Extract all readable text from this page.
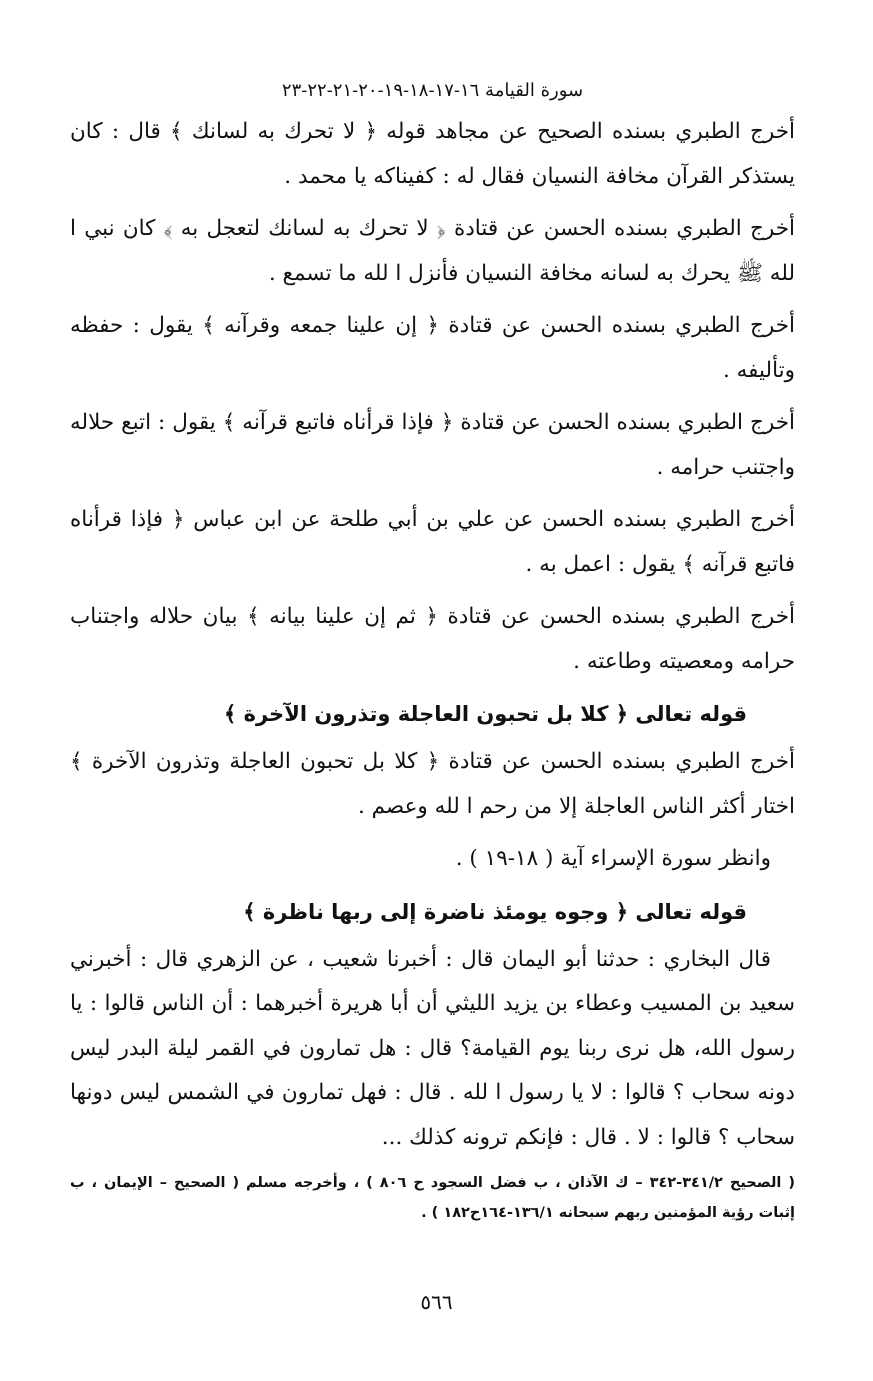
سورة القيامة ١٦-١٧-١٨-١٩-٢٠-٢١-٢٢-٢٣

أخرج الطبري بسنده الصحيح عن مجاهد قوله ﴿ لا تحرك به لسانك ﴾ قال : كان يستذكر القرآن مخافة النسيان فقال له : كفيناكه يا محمد .

أخرج الطبري بسنده الحسن عن قتادة ﴿ لا تحرك به لسانك لتعجل به ﴾ كان نبي ا لله ﷺ يحرك به لسانه مخافة النسيان فأنزل ا لله ما تسمع .

أخرج الطبري بسنده الحسن عن قتادة ﴿ إن علينا جمعه وقرآنه ﴾ يقول : حفظه وتأليفه .

أخرج الطبري بسنده الحسن عن قتادة ﴿ فإذا قرأناه فاتبع قرآنه ﴾ يقول : اتبع حلاله واجتنب حرامه .

أخرج الطبري بسنده الحسن عن علي بن أبي طلحة عن ابن عباس ﴿ فإذا قرأناه فاتبع قرآنه ﴾ يقول : اعمل به .

أخرج الطبري بسنده الحسن عن قتادة ﴿ ثم إن علينا بيانه ﴾ بيان حلاله واجتناب حرامه ومعصيته وطاعته .

قوله تعالى ﴿ كلا بل تحبون العاجلة وتذرون الآخرة ﴾

أخرج الطبري بسنده الحسن عن قتادة ﴿ كلا بل تحبون العاجلة وتذرون الآخرة ﴾ اختار أكثر الناس العاجلة إلا من رحم ا لله وعصم .

وانظر سورة الإسراء آية ( ١٨-١٩ ) .

قوله تعالى ﴿ وجوه يومئذ ناضرة إلى ربها ناظرة ﴾

قال البخاري : حدثنا أبو اليمان قال : أخبرنا شعيب ، عن الزهري قال : أخبرني سعيد بن المسيب وعطاء بن يزيد الليثي أن أبا هريرة أخبرهما : أن الناس قالوا : يا رسول الله، هل نرى ربنا يوم القيامة؟ قال : هل تمارون في القمر ليلة البدر ليس دونه سحاب ؟ قالوا : لا يا رسول ا لله . قال : فهل تمارون في الشمس ليس دونها سحاب ؟ قالوا : لا . قال : فإنكم ترونه كذلك ...

( الصحيح ٣٤١/٢-٣٤٢ – ك الآذان ، ب فضل السجود ح ٨٠٦ ) ، وأخرجه مسلم ( الصحيح – الإيمان ، ب إثبات رؤية المؤمنين ربهم سبحانه ١٣٦/١-١٦٤ح١٨٢ ) .

٥٦٦
